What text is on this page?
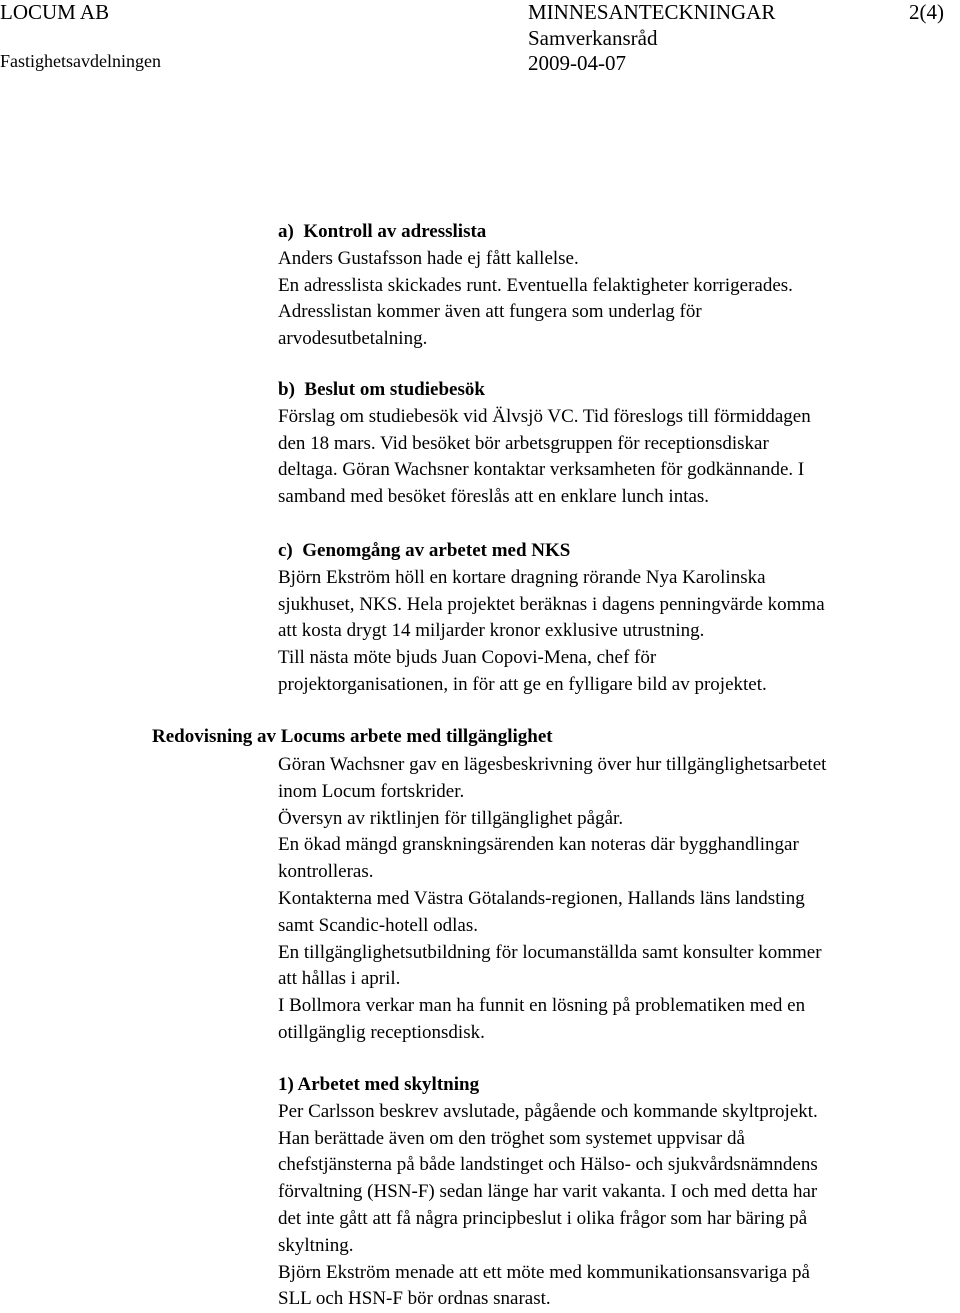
LOCUM AB	MINNESANTECKNINGAR	2(4)
Samverkansråd
Fastighetsavdelningen	2009-04-07

a)  Kontroll av adresslista

Anders Gustafsson hade ej fått kallelse.

En adresslista skickades runt. Eventuella felaktigheter korrigerades.

Adresslistan kommer även att fungera som underlag för

arvodesutbetalning.

b)  Beslut om studiebesök

Förslag om studiebesök vid Älvsjö VC. Tid föreslogs till förmiddagen

den 18 mars. Vid besöket bör arbetsgruppen för receptionsdiskar

deltaga. Göran Wachsner kontaktar verksamheten för godkännande. I

samband med besöket föreslås att en enklare lunch intas.

c)  Genomgång av arbetet med NKS

Björn Ekström höll en kortare dragning rörande Nya Karolinska

sjukhuset, NKS. Hela projektet beräknas i dagens penningvärde komma

att kosta drygt 14 miljarder kronor exklusive utrustning.

Till nästa möte bjuds Juan Copovi-Mena, chef för

projektorganisationen, in för att ge en fylligare bild av projektet.

Redovisning av Locums arbete med tillgänglighet

Göran Wachsner gav en lägesbeskrivning över hur tillgänglighetsarbetet

inom Locum fortskrider.

Översyn av riktlinjen för tillgänglighet pågår.

En ökad mängd granskningsärenden kan noteras där bygghandlingar

kontrolleras.

Kontakterna med Västra Götalands-regionen, Hallands läns landsting

samt Scandic-hotell odlas.

En tillgänglighetsutbildning för locumanställda samt konsulter kommer

att hållas i april.

I Bollmora verkar man ha funnit en lösning på problematiken med en

otillgänglig receptionsdisk.

1) Arbetet med skyltning

Per Carlsson beskrev avslutade, pågående och kommande skyltprojekt.

Han berättade även om den tröghet som systemet uppvisar då

chefstjänsterna på både landstinget och Hälso- och sjukvårdsnämndens

förvaltning (HSN-F) sedan länge har varit vakanta. I och med detta har

det inte gått att få några principbeslut i olika frågor som har bäring på

skyltning.

Björn Ekström menade att ett möte med kommunikationsansvariga på

SLL och HSN-F bör ordnas snarast.
